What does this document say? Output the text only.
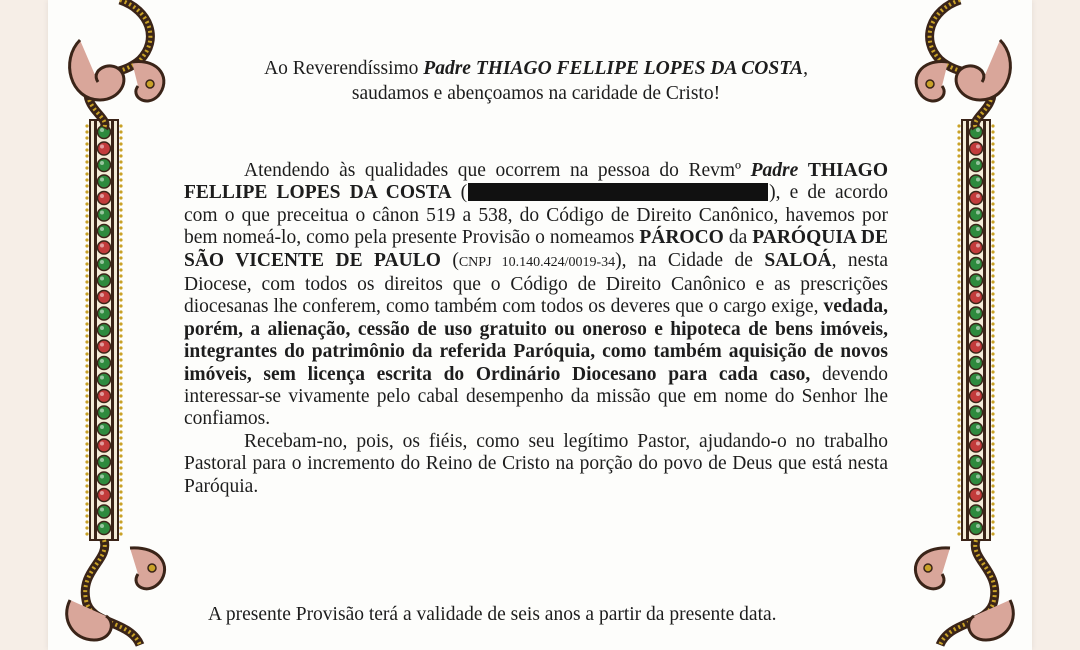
Ao Reverendíssimo Padre THIAGO FELLIPE LOPES DA COSTA,
saudamos e abençoamos na caridade de Cristo!

Atendendo às qualidades que ocorrem na pessoa do Revmº Padre THIAGO FELLIPE LOPES DA COSTA (	), e de acordo com o que preceitua o cânon 519 a 538, do Código de Direito Canônico, havemos por bem nomeá-lo, como pela presente Provisão o nomeamos PÁROCO da PARÓQUIA DE SÃO VICENTE DE PAULO (CNPJ 10.140.424/0019-34), na Cidade de SALOÁ, nesta Diocese, com todos os direitos que o Código de Direito Canônico e as prescrições diocesanas lhe conferem, como também com todos os deveres que o cargo exige, vedada, porém, a alienação, cessão de uso gratuito ou oneroso e hipoteca de bens imóveis, integrantes do patrimônio da referida Paróquia, como também aquisição de novos imóveis, sem licença escrita do Ordinário Diocesano para cada caso, devendo interessar-se vivamente pelo cabal desempenho da missão que em nome do Senhor lhe confiamos.

Recebam-no, pois, os fiéis, como seu legítimo Pastor, ajudando-o no trabalho Pastoral para o incremento do Reino de Cristo na porção do povo de Deus que está nesta Paróquia.

A presente Provisão terá a validade de seis anos a partir da presente data.
